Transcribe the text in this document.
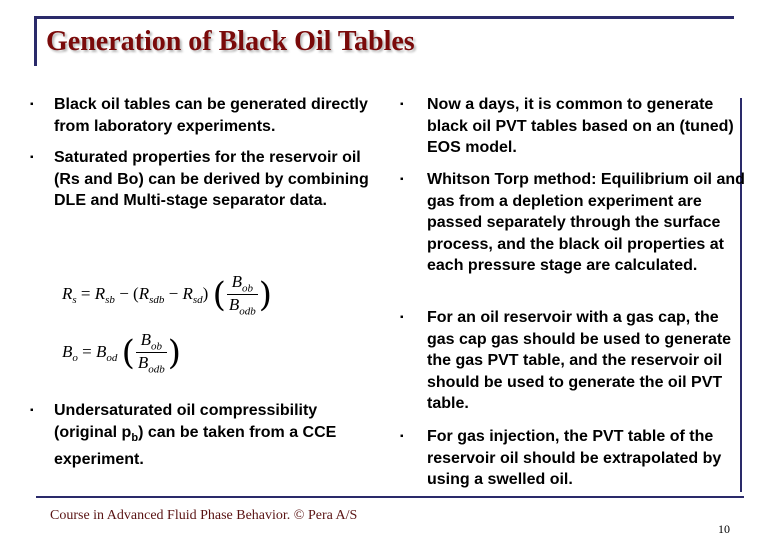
Generation of Black Oil Tables
▪ Black oil tables can be generated directly from laboratory experiments.
▪ Saturated properties for the reservoir oil (Rs and Bo) can be derived by combining DLE and Multi-stage separator data.
$R_s = R_{sb} - (R_{sdb} - R_{sd})$ ( $\frac{B_{ob}}{B_{odb}}$ )
$B_o = B_{od}$ ( $\frac{B_{ob}}{B_{odb}}$ )
▪ Undersaturated oil compressibility (original $p_b$) can be taken from a CCE experiment.
▪ Now a days, it is common to generate black oil PVT tables based on an (tuned) EOS model.
▪ Whitson Torp method: Equilibrium oil and gas from a depletion experiment are passed separately through the surface process, and the black oil properties at each pressure stage are calculated.
▪ For an oil reservoir with a gas cap, the gas cap gas should be used to generate the gas PVT table, and the reservoir oil should be used to generate the oil PVT table.
▪ For gas injection, the PVT table of the reservoir oil should be extrapolated by using a swelled oil.
Course in Advanced Fluid Phase Behavior. © Pera A/S
10
